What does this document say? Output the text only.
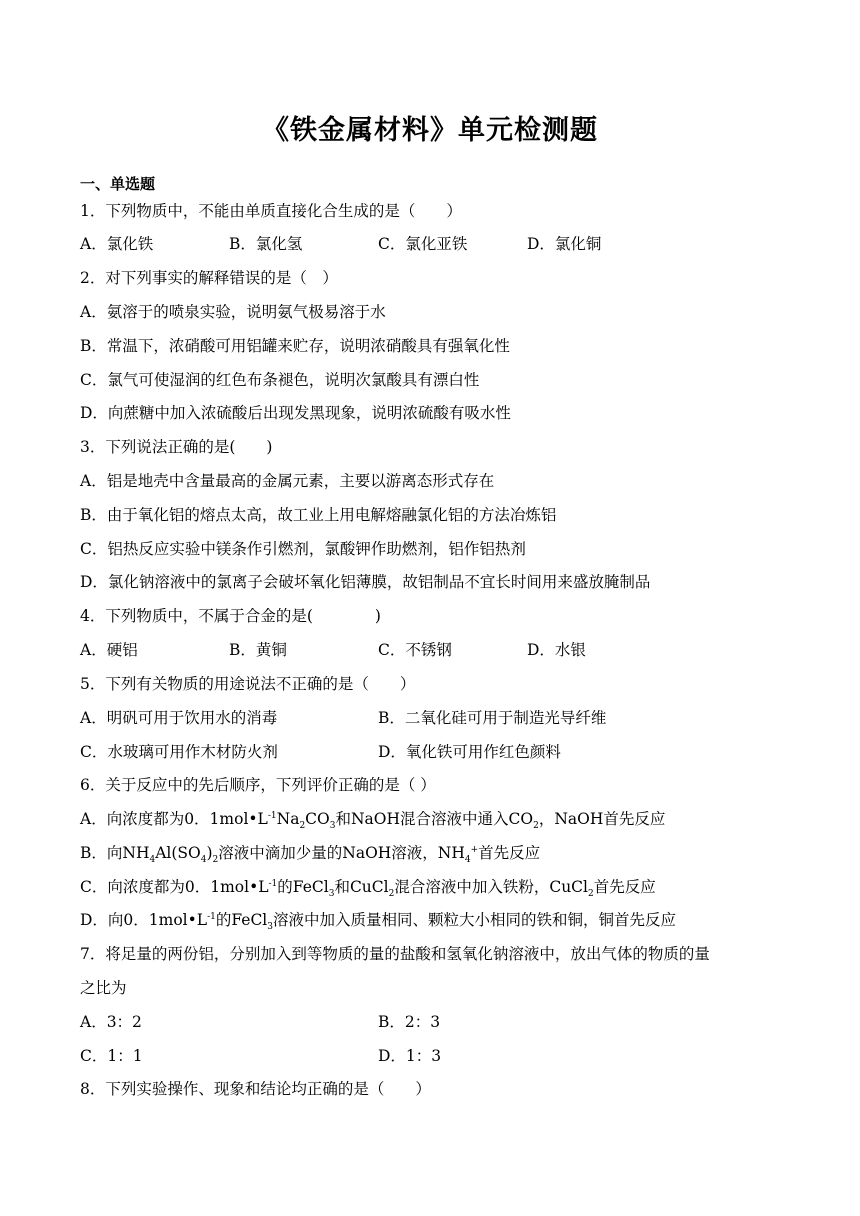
《铁金属材料》单元检测题
一、单选题
1．下列物质中，不能由单质直接化合生成的是（　　）
A．氯化铁	B．氯化氢	C．氯化亚铁	D．氯化铜
2．对下列事实的解释错误的是（　）
A．氨溶于的喷泉实验，说明氨气极易溶于水
B．常温下，浓硝酸可用铝罐来贮存，说明浓硝酸具有强氧化性
C．氯气可使湿润的红色布条褪色，说明次氯酸具有漂白性
D．向蔗糖中加入浓硫酸后出现发黑现象，说明浓硫酸有吸水性
3．下列说法正确的是(　　)
A．铝是地壳中含量最高的金属元素，主要以游离态形式存在
B．由于氧化铝的熔点太高，故工业上用电解熔融氯化铝的方法冶炼铝
C．铝热反应实验中镁条作引燃剂，氯酸钾作助燃剂，铝作铝热剂
D．氯化钠溶液中的氯离子会破坏氧化铝薄膜，故铝制品不宜长时间用来盛放腌制品
4．下列物质中，不属于合金的是(　　　　)
A．硬铝	B．黄铜	C．不锈钢	D．水银
5．下列有关物质的用途说法不正确的是（　　）
A．明矾可用于饮用水的消毒	B．二氧化硅可用于制造光导纤维
C．水玻璃可用作木材防火剂	D．氧化铁可用作红色颜料
6．关于反应中的先后顺序，下列评价正确的是（ ）
A．向浓度都为0．$1mol•L^{-1}Na_2CO_3$和NaOH混合溶液中通入$CO_2$，NaOH首先反应
B．向$NH_4Al(SO_4)_2$溶液中滴加少量的NaOH溶液，$NH_4^+$首先反应
C．向浓度都为0．$1mol•L^{-1}$的FeCl$_3$和CuCl$_2$混合溶液中加入铁粉，CuCl$_2$首先反应
D．向0．$1mol•L^{-1}$的FeCl$_3$溶液中加入质量相同、颗粒大小相同的铁和铜，铜首先反应
7．将足量的两份铝，分别加入到等物质的量的盐酸和氢氧化钠溶液中，放出气体的物质的量
之比为
A．3：2	B．2：3
C．1：1	D．1：3
8．下列实验操作、现象和结论均正确的是（　　）
